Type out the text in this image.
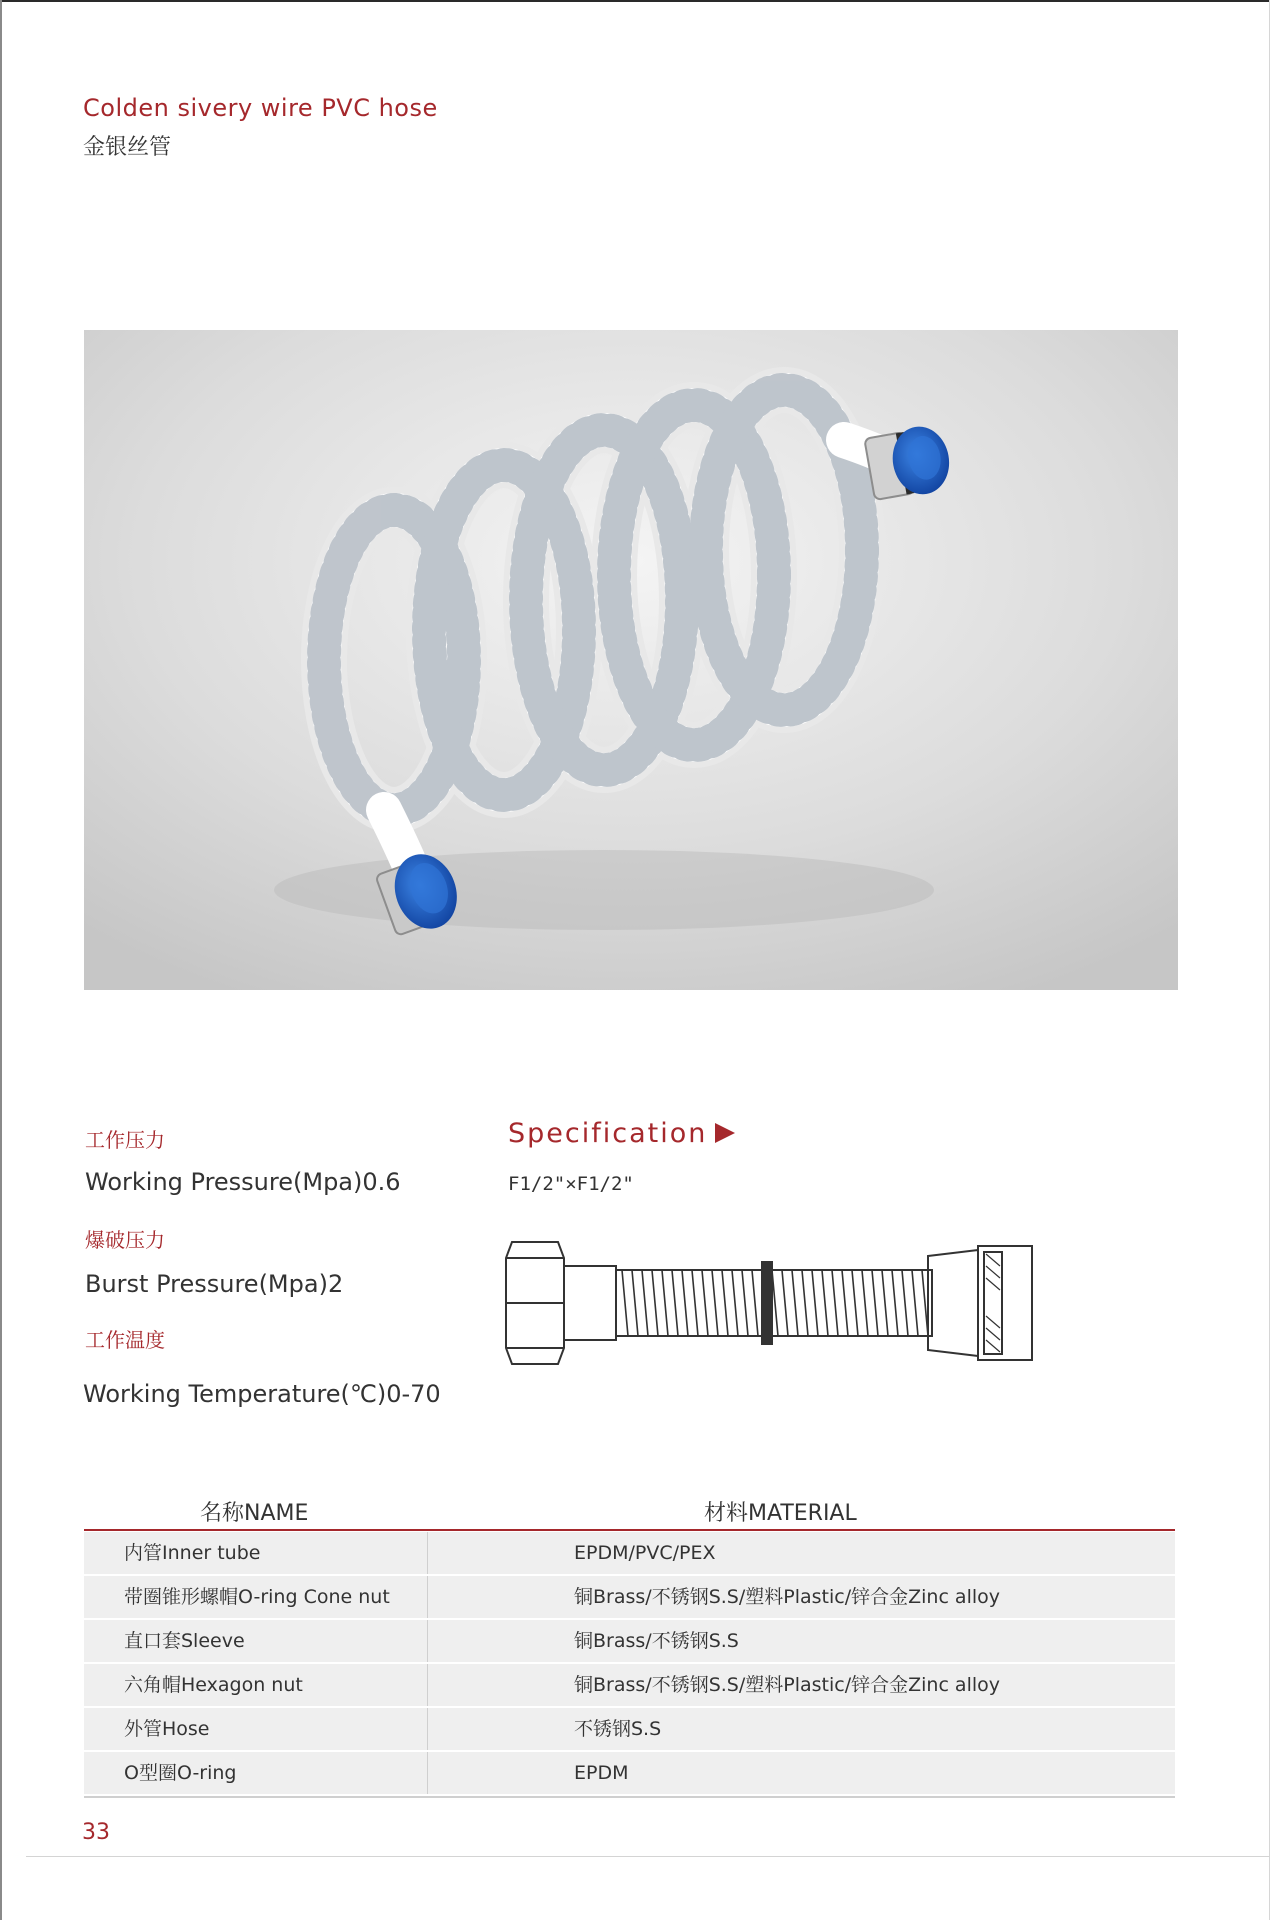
Colden sivery wire PVC hose
金银丝管
工作压力
Working Pressure(Mpa)0.6
爆破压力
Burst Pressure(Mpa)2
工作温度
Working Temperature(℃)0-70
Specification
F1/2"×F1/2"
名称NAME	材料MATERIAL
内管Inner tube	EPDM/PVC/PEX
带圈锥形螺帽O-ring Cone nut	铜Brass/不锈钢S.S/塑料Plastic/锌合金Zinc alloy
直口套Sleeve	铜Brass/不锈钢S.S
六角帽Hexagon nut	铜Brass/不锈钢S.S/塑料Plastic/锌合金Zinc alloy
外管Hose	不锈钢S.S
O型圈O-ring	EPDM
33
